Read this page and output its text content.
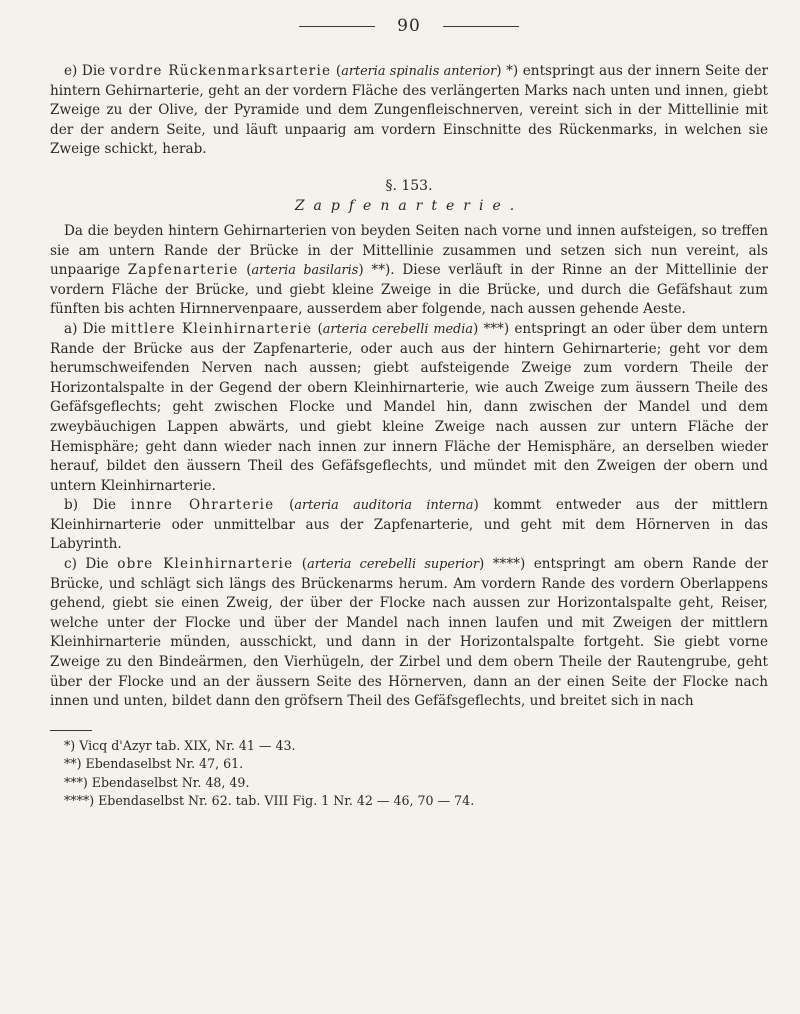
90

e) Die vordre Rückenmarksarterie (arteria spinalis anterior) *) entspringt aus der innern Seite der hintern Gehirnarterie, geht an der vordern Fläche des verlängerten Marks nach unten und innen, giebt Zweige zu der Olive, der Pyramide und dem Zungenfleischnerven, vereint sich in der Mittellinie mit der der andern Seite, und läuft unpaarig am vordern Einschnitte des Rückenmarks, in welchen sie Zweige schickt, herab.

§. 153.
Zapfenarterie.

Da die beyden hintern Gehirnarterien von beyden Seiten nach vorne und innen aufsteigen, so treffen sie am untern Rande der Brücke in der Mittellinie zusammen und setzen sich nun vereint, als unpaarige Zapfenarterie (arteria basilaris) **). Diese verläuft in der Rinne an der Mittellinie der vordern Fläche der Brücke, und giebt kleine Zweige in die Brücke, und durch die Gefäfshaut zum fünften bis achten Hirnnervenpaare, ausserdem aber folgende, nach aussen gehende Aeste.

a) Die mittlere Kleinhirnarterie (arteria cerebelli media) ***) entspringt an oder über dem untern Rande der Brücke aus der Zapfenarterie, oder auch aus der hintern Gehirnarterie; geht vor dem herumschweifenden Nerven nach aussen; giebt aufsteigende Zweige zum vordern Theile der Horizontalspalte in der Gegend der obern Kleinhirnarterie, wie auch Zweige zum äussern Theile des Gefäfsgeflechts; geht zwischen Flocke und Mandel hin, dann zwischen der Mandel und dem zweybäuchigen Lappen abwärts, und giebt kleine Zweige nach aussen zur untern Fläche der Hemisphäre; geht dann wieder nach innen zur innern Fläche der Hemisphäre, an derselben wieder herauf, bildet den äussern Theil des Gefäfsgeflechts, und mündet mit den Zweigen der obern und untern Kleinhirnarterie.

b) Die innre Ohrarterie (arteria auditoria interna) kommt entweder aus der mittlern Kleinhirnarterie oder unmittelbar aus der Zapfenarterie, und geht mit dem Hörnerven in das Labyrinth.

c) Die obre Kleinhirnarterie (arteria cerebelli superior) ****) entspringt am obern Rande der Brücke, und schlägt sich längs des Brückenarms herum. Am vordern Rande des vordern Oberlappens gehend, giebt sie einen Zweig, der über der Flocke nach aussen zur Horizontalspalte geht, Reiser, welche unter der Flocke und über der Mandel nach innen laufen und mit Zweigen der mittlern Kleinhirnarterie münden, ausschickt, und dann in der Horizontalspalte fortgeht. Sie giebt vorne Zweige zu den Bindeärmen, den Vierhügeln, der Zirbel und dem obern Theile der Rautengrube, geht über der Flocke und an der äussern Seite des Hörnerven, dann an der einen Seite der Flocke nach innen und unten, bildet dann den gröfsern Theil des Gefäfsgeflechts, und breitet sich in nach

*) Vicq d'Azyr tab. XIX, Nr. 41 — 43.
**) Ebendaselbst Nr. 47, 61.
***) Ebendaselbst Nr. 48, 49.
****) Ebendaselbst Nr. 62. tab. VIII Fig. 1 Nr. 42 — 46, 70 — 74.
